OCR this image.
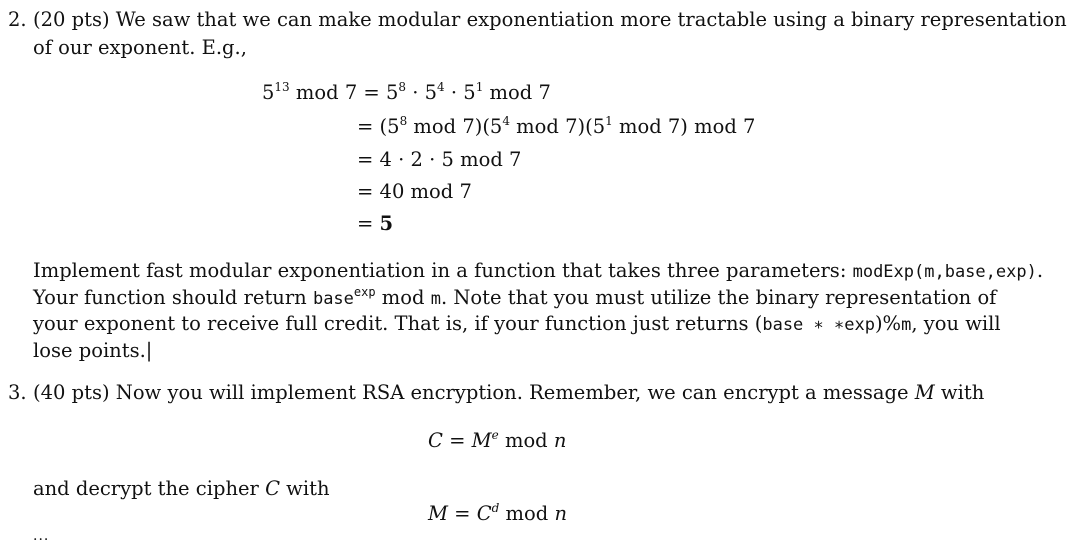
2. (20 pts) We saw that we can make modular exponentiation more tractable using a binary representation
of our exponent. E.g.,
$5^{13}$ mod $7 = 5^8 \cdot 5^4 \cdot 5^1$ mod 7
= ($5^8$ mod $7)(5^4$ mod $7)(5^1$ mod 7) mod 7
= 4 · 2 · 5 mod 7
= 40 mod 7
= 5
Implement fast modular exponentiation in a function that takes three parameters: modExp(m,base,exp).
Your function should return base$^{exp}$ mod m. Note that you must utilize the binary representation of
your exponent to receive full credit. That is, if your function just returns (base ∗ ∗exp)%m, you will
lose points.|
3. (40 pts) Now you will implement RSA encryption. Remember, we can encrypt a message M with
$C = M^e$ mod n
and decrypt the cipher C with
$M = C^d$ mod n
···
